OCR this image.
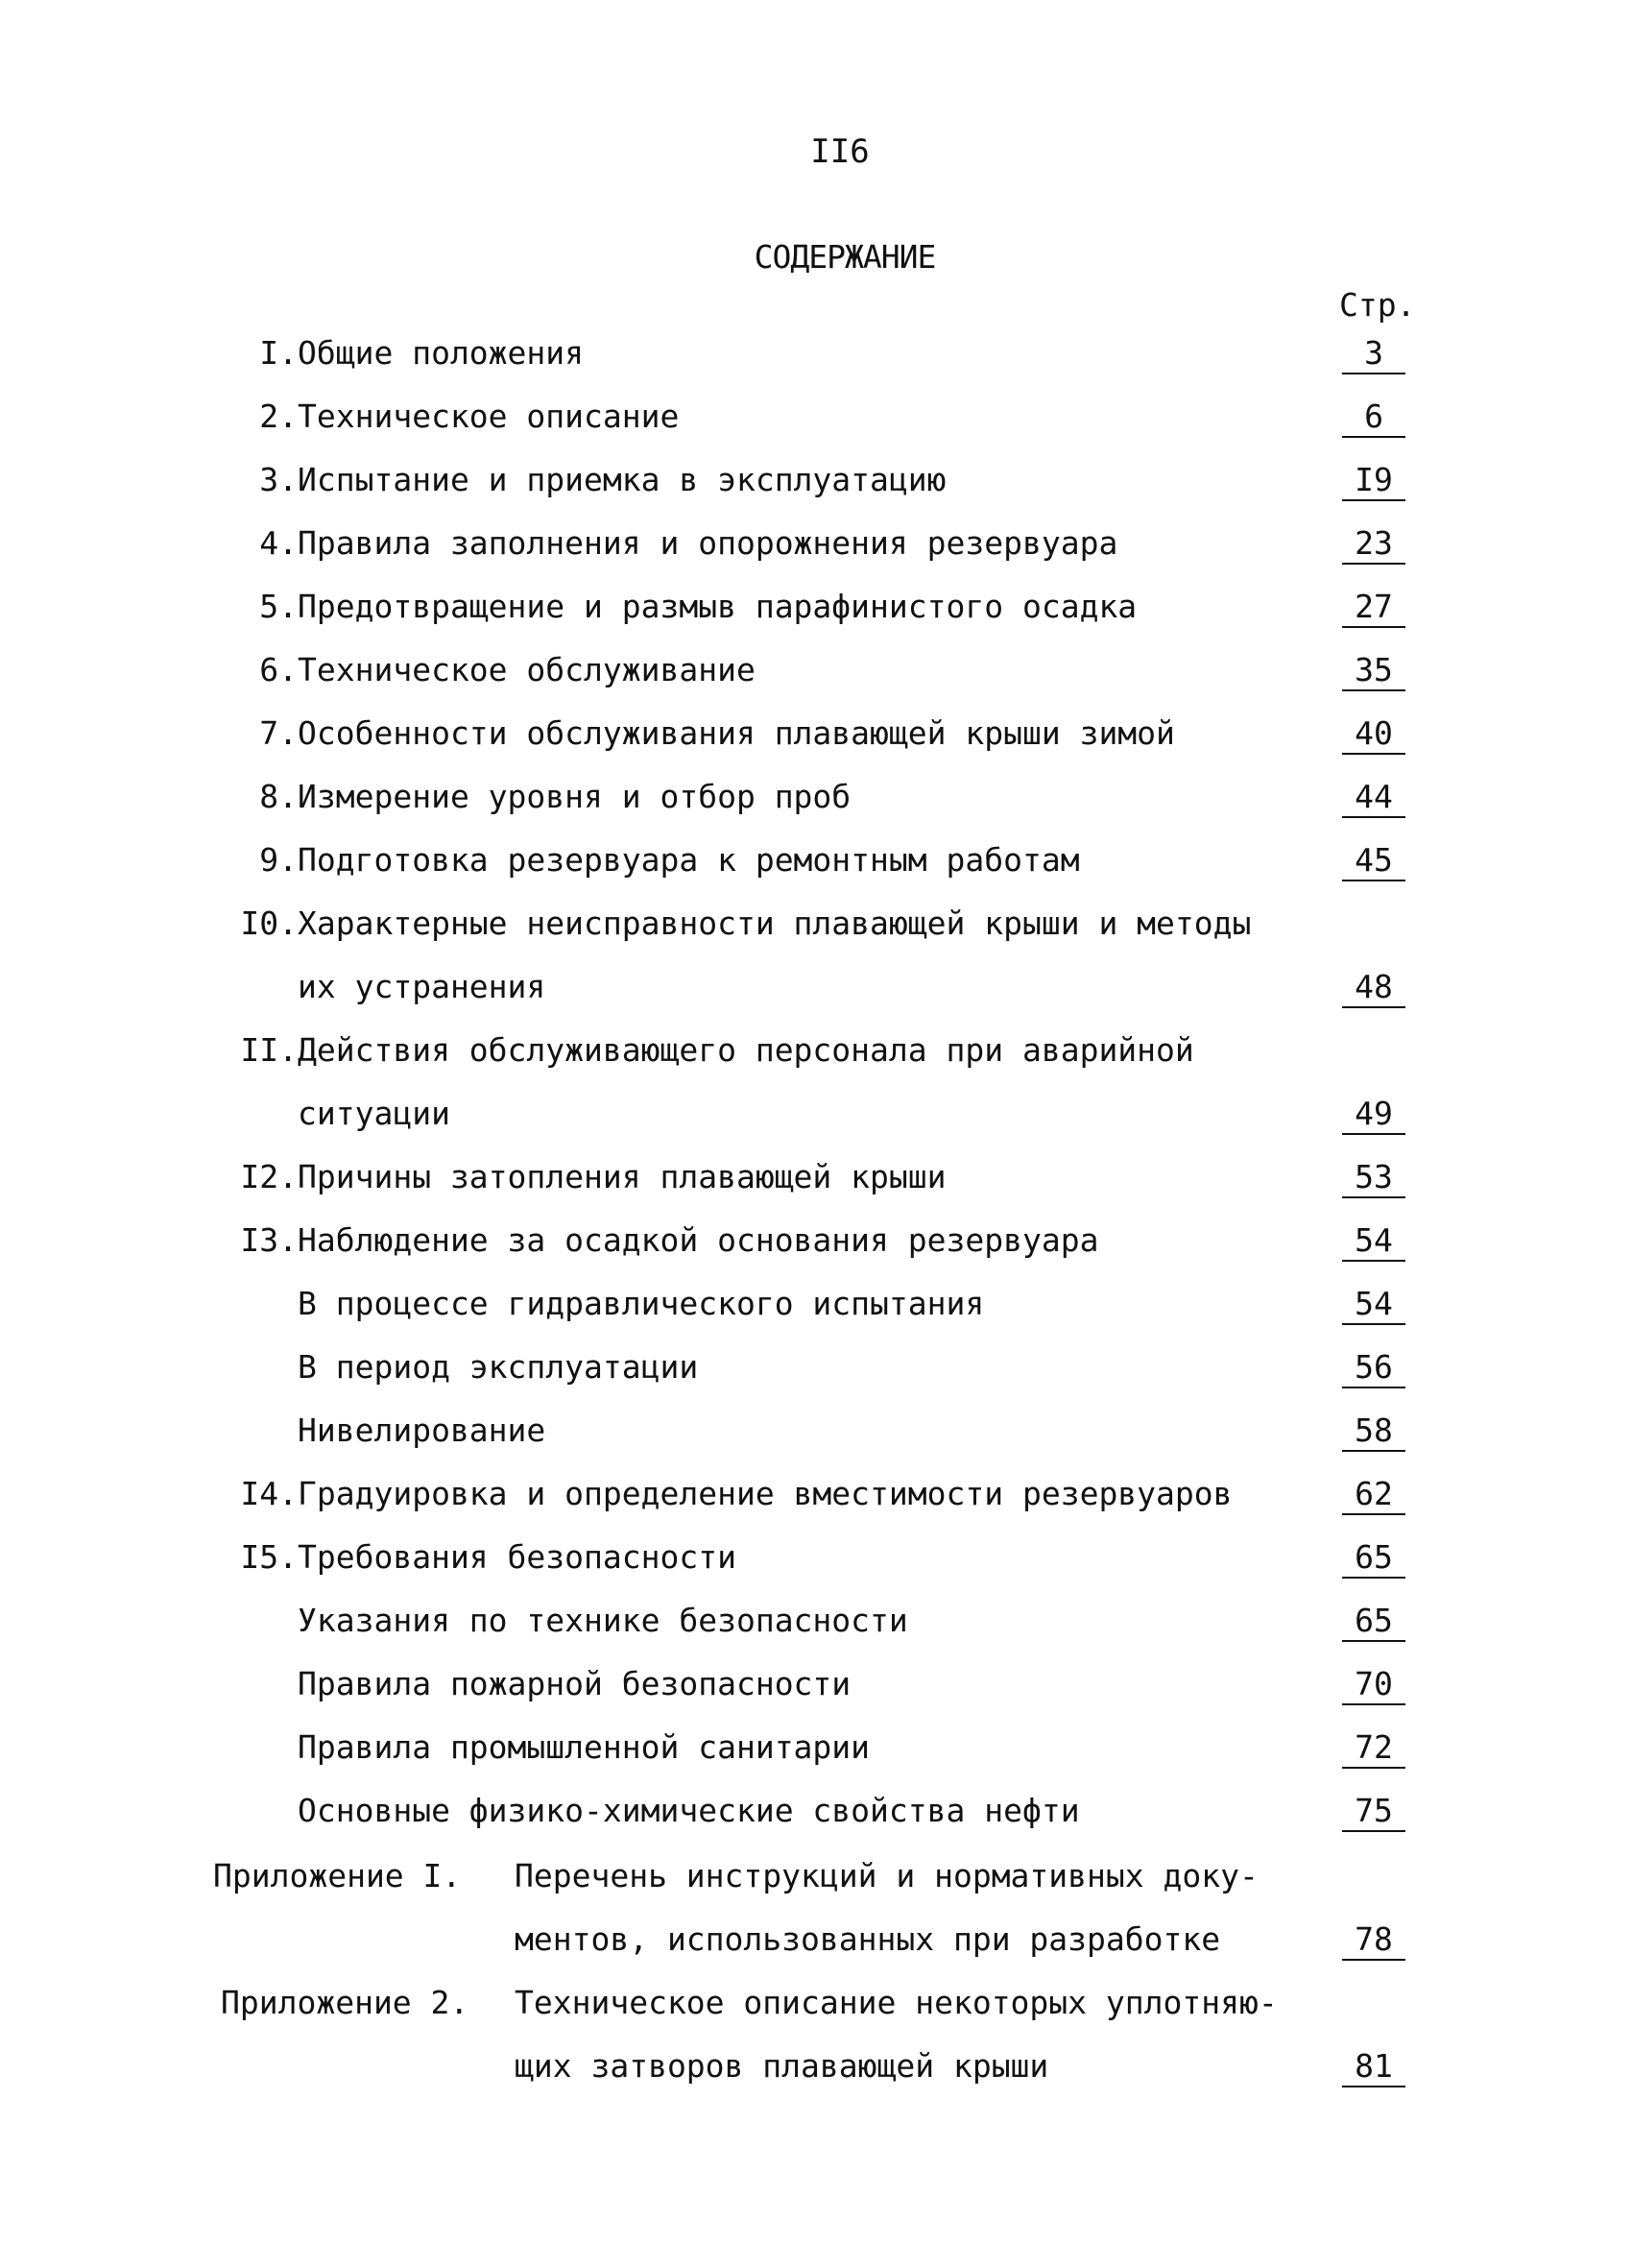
II6
СОДЕРЖАНИЕ
Стр.
I. Общие положения	3
2. Техническое описание	6
3. Испытание и приемка в эксплуатацию	I9
4. Правила заполнения и опорожнения резервуара	23
5. Предотвращение и размыв парафинистого осадка	27
6. Техническое обслуживание	35
7. Особенности обслуживания плавающей крыши зимой	40
8. Измерение уровня и отбор проб	44
9. Подготовка резервуара к ремонтным работам	45
I0. Характерные неисправности плавающей крыши и методы
их устранения	48
II. Действия обслуживающего персонала при аварийной
ситуации	49
I2. Причины затопления плавающей крыши	53
I3. Наблюдение за осадкой основания резервуара	54
В процессе гидравлического испытания	54
В период эксплуатации	56
Нивелирование	58
I4. Градуировка и определение вместимости резервуаров	62
I5. Требования безопасности	65
Указания по технике безопасности	65
Правила пожарной безопасности	70
Правила промышленной санитарии	72
Основные физико-химические свойства нефти	75
Приложение I. Перечень инструкций и нормативных доку-
ментов, использованных при разработке	78
Приложение 2. Техническое описание некоторых уплотняю-
щих затворов плавающей крыши	81
